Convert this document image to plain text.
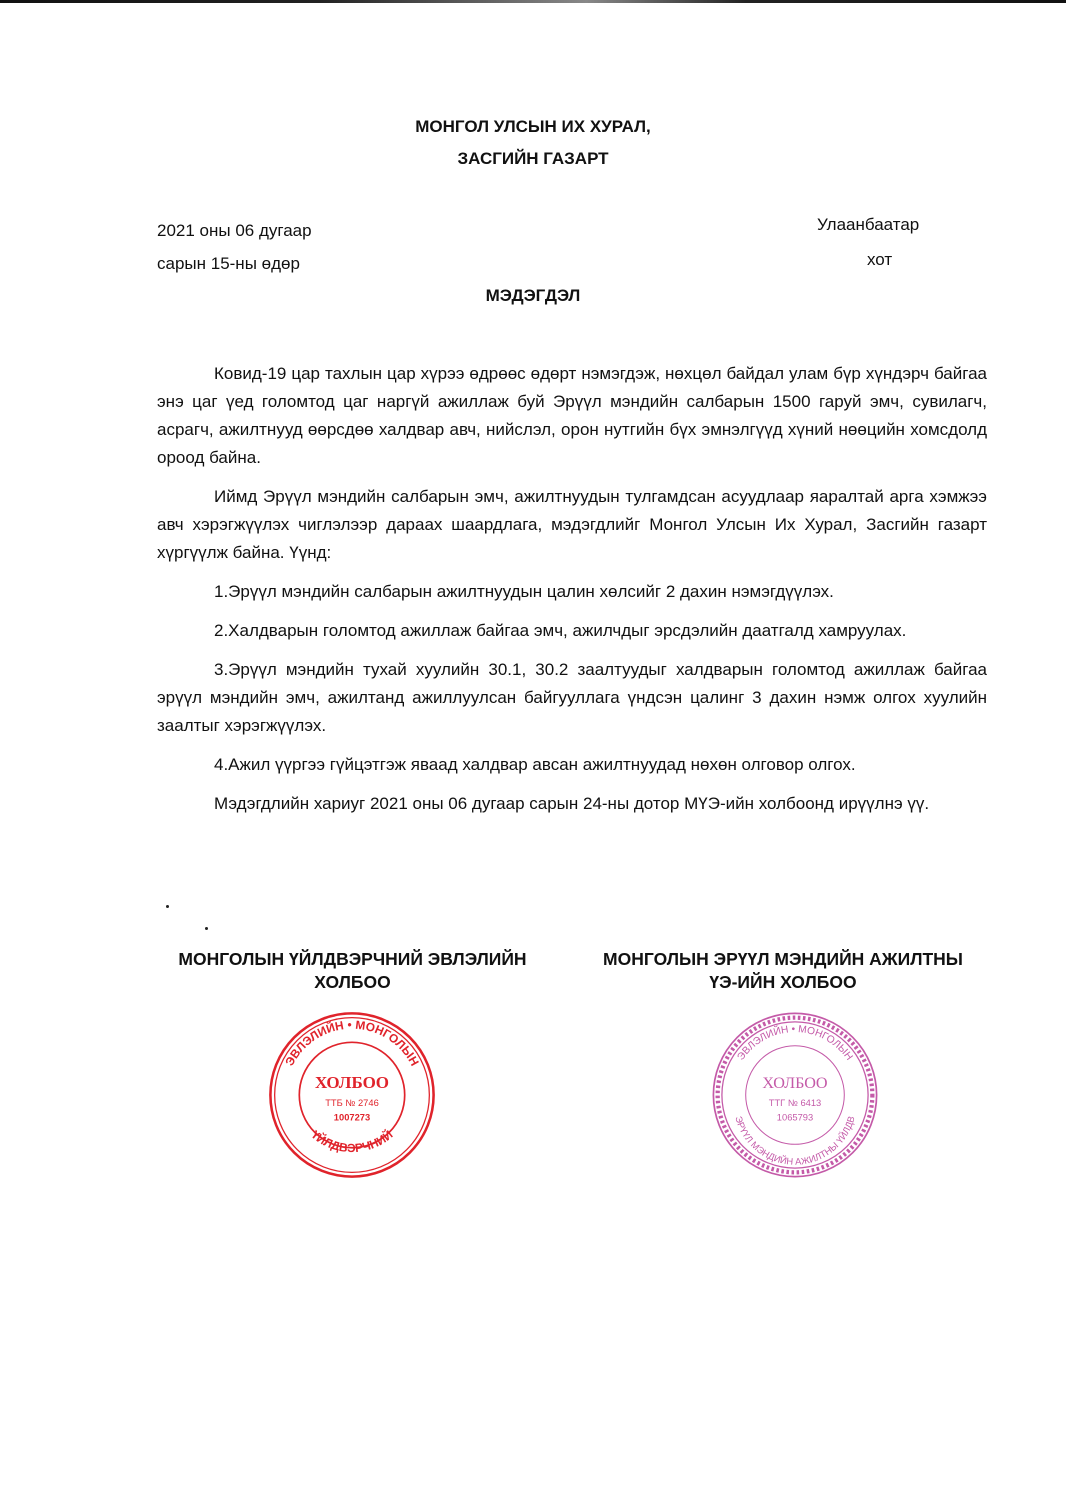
МОНГОЛ УЛСЫН ИХ ХУРАЛ,
ЗАСГИЙН ГАЗАРТ
2021 оны 06 дугаар
сарын 15-ны өдөр
Улаанбаатар
хот
МЭДЭГДЭЛ

Ковид-19 цар тахлын цар хүрээ өдрөөс өдөрт нэмэгдэж, нөхцөл байдал улам бүр хүндэрч байгаа энэ цаг үед голомтод цаг наргүй ажиллаж буй Эрүүл мэндийн салбарын 1500 гаруй эмч, сувилагч, асрагч, ажилтнууд өөрсдөө халдвар авч, нийслэл, орон нутгийн бүх эмнэлгүүд хүний нөөцийн хомсдолд ороод байна.

Иймд Эрүүл мэндийн салбарын эмч, ажилтнуудын тулгамдсан асуудлаар яаралтай арга хэмжээ авч хэрэгжүүлэх чиглэлээр дараах шаардлага, мэдэгдлийг Монгол Улсын Их Хурал, Засгийн газарт хүргүүлж байна. Үүнд:

1.Эрүүл мэндийн салбарын ажилтнуудын цалин хөлсийг 2 дахин нэмэгдүүлэх.

2.Халдварын голомтод ажиллаж байгаа эмч, ажилчдыг эрсдэлийн даатгалд хамруулах.

3.Эрүүл мэндийн тухай хуулийн 30.1, 30.2 заалтуудыг халдварын голомтод ажиллаж байгаа эрүүл мэндийн эмч, ажилтанд ажиллуулсан байгууллага үндсэн цалинг 3 дахин нэмж олгох хуулийн заалтыг хэрэгжүүлэх.

4.Ажил үүргээ гүйцэтгэж яваад халдвар авсан ажилтнуудад нөхөн олговор олгох.

Мэдэгдлийн хариуг 2021 оны 06 дугаар сарын 24-ны дотор МҮЭ-ийн холбоонд ирүүлнэ үү.

МОНГОЛЫН ҮЙЛДВЭРЧНИЙ ЭВЛЭЛИЙН
ХОЛБОО
МОНГОЛЫН ЭРҮҮЛ МЭНДИЙН АЖИЛТНЫ
ҮЭ-ИЙН ХОЛБОО
ЭВЛЭЛИЙН • МОНГОЛЫН
ҮЙЛДВЭРЧНИЙ
ХОЛБОО
ТТБ № 2746
1007273
ЭВЛЭЛИЙН • МОНГОЛЫН
ЭРҮҮЛ МЭНДИЙН АЖИЛТНЫ ҮЙЛДВ
ХОЛБОО
ТТГ № 6413
1065793
